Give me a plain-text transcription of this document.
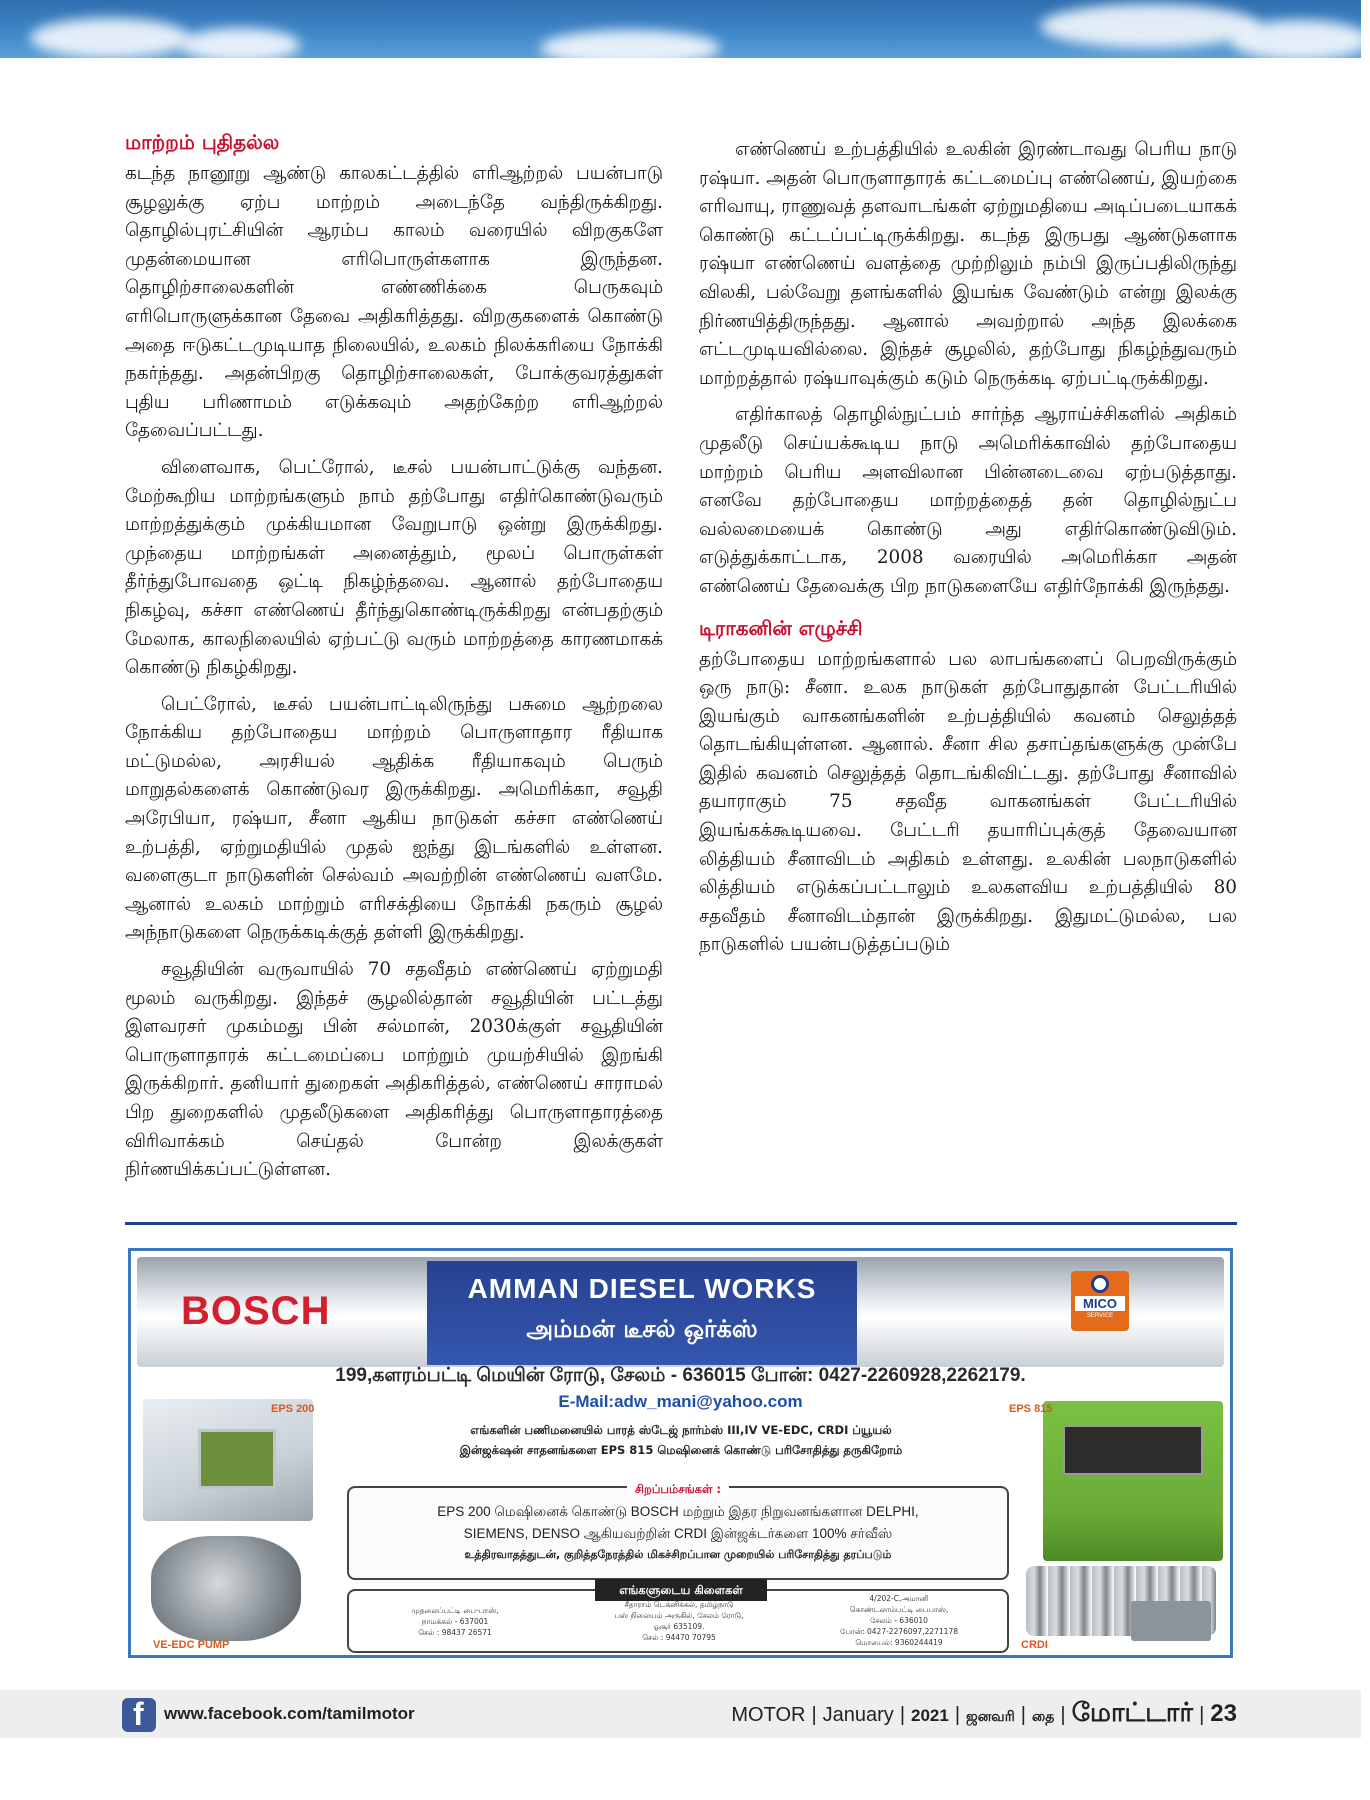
மாற்றம் புதிதல்ல

கடந்த நானூறு ஆண்டு காலகட்டத்தில் எரிஆற்றல் பயன்பாடு சூழலுக்கு ஏற்ப மாற்றம் அடைந்தே வந்திருக்கிறது. தொழில்புரட்சியின் ஆரம்ப காலம் வரையில் விறகுகளே முதன்மையான எரிபொருள்களாக இருந்தன. தொழிற்சாலைகளின் எண்ணிக்கை பெருகவும் எரிபொருளுக்கான தேவை அதிகரித்தது. விறகுகளைக் கொண்டு அதை ஈடுகட்டமுடியாத நிலையில், உலகம் நிலக்கரியை நோக்கி நகர்ந்தது. அதன்பிறகு தொழிற்சாலைகள், போக்குவரத்துகள் புதிய பரிணாமம் எடுக்கவும் அதற்கேற்ற எரிஆற்றல் தேவைப்பட்டது.

விளைவாக, பெட்ரோல், டீசல் பயன்பாட்டுக்கு வந்தன. மேற்கூறிய மாற்றங்களும் நாம் தற்போது எதிர்கொண்டுவரும் மாற்றத்துக்கும் முக்கியமான வேறுபாடு ஒன்று இருக்கிறது. முந்தைய மாற்றங்கள் அனைத்தும், மூலப் பொருள்கள் தீர்ந்துபோவதை ஒட்டி நிகழ்ந்தவை. ஆனால் தற்போதைய நிகழ்வு, கச்சா எண்ணெய் தீர்ந்துகொண்டிருக்கிறது என்பதற்கும் மேலாக, காலநிலையில் ஏற்பட்டு வரும் மாற்றத்தை காரணமாகக் கொண்டு நிகழ்கிறது.

பெட்ரோல், டீசல் பயன்பாட்டிலிருந்து பசுமை ஆற்றலை நோக்கிய தற்போதைய மாற்றம் பொருளாதார ரீதியாக மட்டுமல்ல, அரசியல் ஆதிக்க ரீதியாகவும் பெரும் மாறுதல்களைக் கொண்டுவர இருக்கிறது. அமெரிக்கா, சவூதி அரேபியா, ரஷ்யா, சீனா ஆகிய நாடுகள் கச்சா எண்ணெய் உற்பத்தி, ஏற்றுமதியில் முதல் ஐந்து இடங்களில் உள்ளன. வளைகுடா நாடுகளின் செல்வம் அவற்றின் எண்ணெய் வளமே. ஆனால் உலகம் மாற்றும் எரிசக்தியை நோக்கி நகரும் சூழல் அந்நாடுகளை நெருக்கடிக்குத் தள்ளி இருக்கிறது.

சவூதியின் வருவாயில் 70 சதவீதம் எண்ணெய் ஏற்றுமதி மூலம் வருகிறது. இந்தச் சூழலில்தான் சவூதியின் பட்டத்து இளவரசர் முகம்மது பின் சல்மான், 2030க்குள் சவூதியின் பொருளாதாரக் கட்டமைப்பை மாற்றும் முயற்சியில் இறங்கி இருக்கிறார். தனியார் துறைகள் அதிகரித்தல், எண்ணெய் சாராமல் பிற துறைகளில் முதலீடுகளை அதிகரித்து பொருளாதாரத்தை விரிவாக்கம் செய்தல் போன்ற இலக்குகள் நிர்ணயிக்கப்பட்டுள்ளன.

எண்ணெய் உற்பத்தியில் உலகின் இரண்டாவது பெரிய நாடு ரஷ்யா. அதன் பொருளாதாரக் கட்டமைப்பு எண்ணெய், இயற்கை எரிவாயு, ராணுவத் தளவாடங்கள் ஏற்றுமதியை அடிப்படையாகக் கொண்டு கட்டப்பட்டிருக்கிறது. கடந்த இருபது ஆண்டுகளாக ரஷ்யா எண்ணெய் வளத்தை முற்றிலும் நம்பி இருப்பதிலிருந்து விலகி, பல்வேறு தளங்களில் இயங்க வேண்டும் என்று இலக்கு நிர்ணயித்திருந்தது. ஆனால் அவற்றால் அந்த இலக்கை எட்டமுடியவில்லை. இந்தச் சூழலில், தற்போது நிகழ்ந்துவரும் மாற்றத்தால் ரஷ்யாவுக்கும் கடும் நெருக்கடி ஏற்பட்டிருக்கிறது.

எதிர்காலத் தொழில்நுட்பம் சார்ந்த ஆராய்ச்சிகளில் அதிகம் முதலீடு செய்யக்கூடிய நாடு அமெரிக்காவில் தற்போதைய மாற்றம் பெரிய அளவிலான பின்னடைவை ஏற்படுத்தாது. எனவே தற்போதைய மாற்றத்தைத் தன் தொழில்நுட்ப வல்லமையைக் கொண்டு அது எதிர்கொண்டுவிடும். எடுத்துக்காட்டாக, 2008 வரையில் அமெரிக்கா அதன் எண்ணெய் தேவைக்கு பிற நாடுகளையே எதிர்நோக்கி இருந்தது.

டிராகனின் எழுச்சி

தற்போதைய மாற்றங்களால் பல லாபங்களைப் பெறவிருக்கும் ஒரு நாடு: சீனா. உலக நாடுகள் தற்போதுதான் பேட்டரியில் இயங்கும் வாகனங்களின் உற்பத்தியில் கவனம் செலுத்தத் தொடங்கியுள்ளன. ஆனால். சீனா சில தசாப்தங்களுக்கு முன்பே இதில் கவனம் செலுத்தத் தொடங்கிவிட்டது. தற்போது சீனாவில் தயாராகும் 75 சதவீத வாகனங்கள் பேட்டரியில் இயங்கக்கூடியவை. பேட்டரி தயாரிப்புக்குத் தேவையான லித்தியம் சீனாவிடம் அதிகம் உள்ளது. உலகின் பலநாடுகளில் லித்தியம் எடுக்கப்பட்டாலும் உலகளவிய உற்பத்தியில் 80 சதவீதம் சீனாவிடம்தான் இருக்கிறது. இதுமட்டுமல்ல, பல நாடுகளில் பயன்படுத்தப்படும்

BOSCH
AMMAN DIESEL WORKS
அம்மன் டீசல் ஒர்க்ஸ்
MICO
SERVICE
199,களரம்பட்டி மெயின் ரோடு, சேலம் - 636015 போன்: 0427-2260928,2262179.
E-Mail:adw_mani@yahoo.com
எங்களின் பணிமனையில் பாரத் ஸ்டேஜ் நார்ம்ஸ் III,IV VE-EDC, CRDI ப்யூயல்
இன்ஜக்‌ஷன் சாதனங்களை EPS 815 மெஷினைக் கொண்டு பரிசோதித்து தருகிறோம்
EPS 200
VE-EDC PUMP
EPS 815
CRDI
சிறப்பம்சங்கள் :
EPS 200 மெஷினைக் கொண்டு BOSCH மற்றும் இதர நிறுவனங்களான DELPHI,
SIEMENS, DENSO ஆகியவற்றின் CRDI இன்ஜக்டர்களை 100% சர்வீஸ்
உத்திரவாதத்துடன், குறித்தநேரத்தில் மிகச்சிறப்பான முறையில் பரிசோதித்து தரப்படும்
எங்களுடைய கிளைகள்
முதலைப்பட்டி பை-பாஸ்,
நாமக்கல் - 637001
செல் : 98437 26571
சீதாராம் டெக்னிக்கல், தமிழ்நாடு
பஸ் நிலையம் அருகில், சேலம் ரோடு,
ஓசூர் 635109.
செல் : 94470 70795
4/202-C,அமானி
கொண்டலாம்பட்டி பைபாஸ்,
சேலம் - 636010
போன்: 0427-2276097,2271178
மொபைல்: 9360244419
f www.facebook.com/tamilmotor	MOTOR | January | 2021 | ஜனவரி | தை | மோட்டார் | 23
